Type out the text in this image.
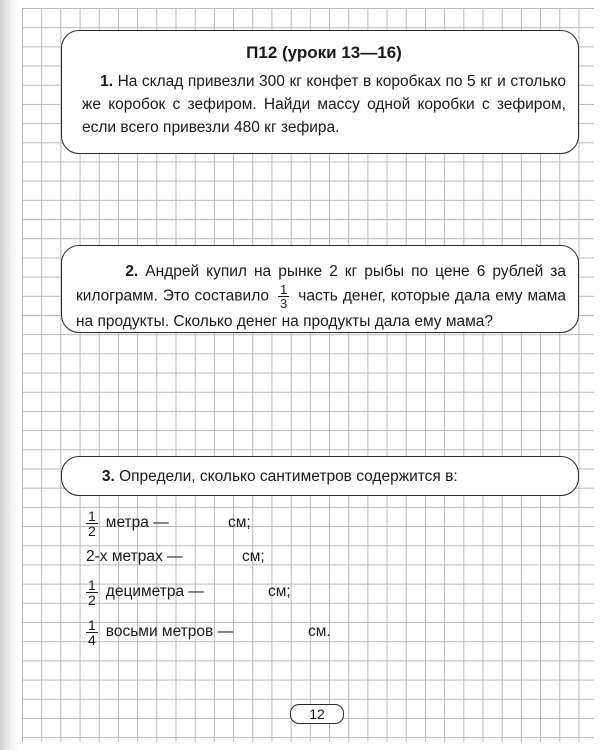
П12 (уроки 13—16)

1. На склад привезли 300 кг конфет в коробках по 5 кг и столько же коробок с зефиром. Найди массу одной коробки с зефиром, если всего привезли 480 кг зефира.

2. Андрей купил на рынке 2 кг рыбы по цене 6 рублей за килограмм. Это составило $\frac{1}{3}$ часть денег, которые дала ему мама на продукты. Сколько денег на продукты дала ему мама?

3. Определи, сколько сантиметров содержится в:

$\frac{1}{2}$ метра —	см;
2-х метрах —	см;
$\frac{1}{2}$ дециметра —	см;
$\frac{1}{4}$ восьми метров —	см.
12
